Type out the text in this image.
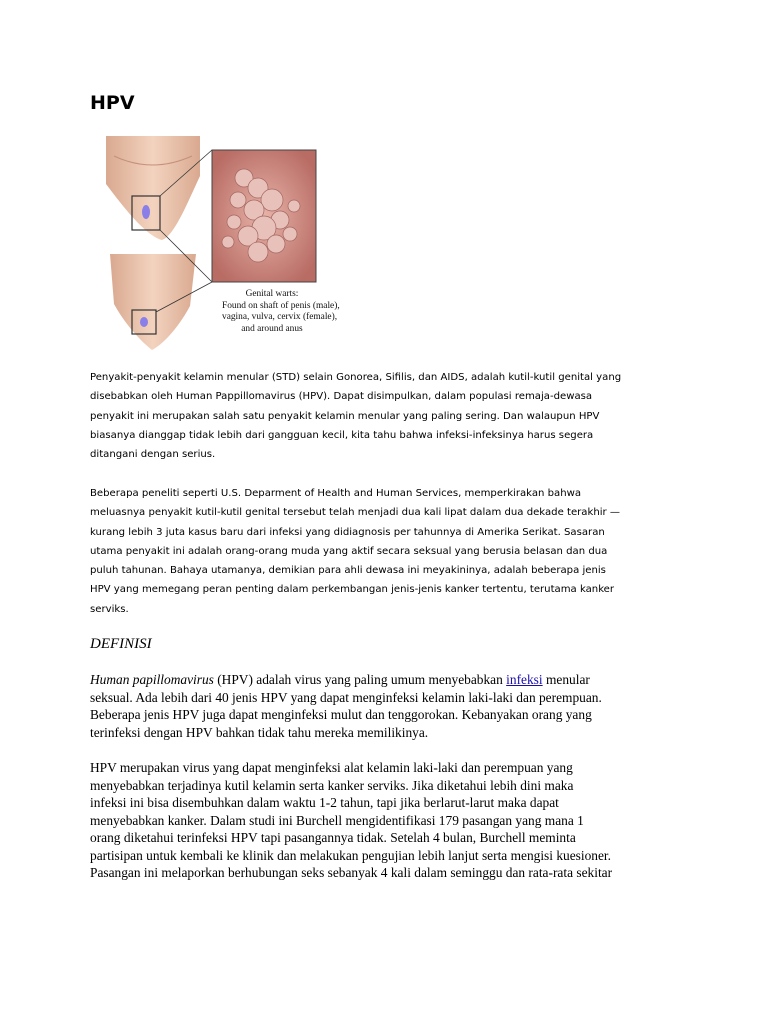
HPV
Genital warts:
Found on shaft of penis (male),
vagina, vulva, cervix (female),
and around anus

Penyakit-penyakit kelamin menular (STD) selain Gonorea, Sifilis, dan AIDS, adalah kutil-kutil genital yang
disebabkan oleh Human Pappillomavirus (HPV). Dapat disimpulkan, dalam populasi remaja-dewasa
penyakit ini merupakan salah satu penyakit kelamin menular yang paling sering. Dan walaupun HPV
biasanya dianggap tidak lebih dari gangguan kecil, kita tahu bahwa infeksi-infeksinya harus segera
ditangani dengan serius.

Beberapa peneliti seperti U.S. Deparment of Health and Human Services, memperkirakan bahwa
meluasnya penyakit kutil-kutil genital tersebut telah menjadi dua kali lipat dalam dua dekade terakhir —
kurang lebih 3 juta kasus baru dari infeksi yang didiagnosis per tahunnya di Amerika Serikat. Sasaran
utama penyakit ini adalah orang-orang muda yang aktif secara seksual yang berusia belasan dan dua
puluh tahunan. Bahaya utamanya, demikian para ahli dewasa ini meyakininya, adalah beberapa jenis
HPV yang memegang peran penting dalam perkembangan jenis-jenis kanker tertentu, terutama kanker
serviks.

DEFINISI

Human papillomavirus (HPV) adalah virus yang paling umum menyebabkan infeksi menular
seksual. Ada lebih dari 40 jenis HPV yang dapat menginfeksi kelamin laki-laki dan perempuan.
Beberapa jenis HPV juga dapat menginfeksi mulut dan tenggorokan. Kebanyakan orang yang
terinfeksi dengan HPV bahkan tidak tahu mereka memilikinya.

HPV merupakan virus yang dapat menginfeksi alat kelamin laki-laki dan perempuan yang
menyebabkan terjadinya kutil kelamin serta kanker serviks. Jika diketahui lebih dini maka
infeksi ini bisa disembuhkan dalam waktu 1-2 tahun, tapi jika berlarut-larut maka dapat
menyebabkan kanker. Dalam studi ini Burchell mengidentifikasi 179 pasangan yang mana 1
orang diketahui terinfeksi HPV tapi pasangannya tidak. Setelah 4 bulan, Burchell meminta
partisipan untuk kembali ke klinik dan melakukan pengujian lebih lanjut serta mengisi kuesioner.
Pasangan ini melaporkan berhubungan seks sebanyak 4 kali dalam seminggu dan rata-rata sekitar
